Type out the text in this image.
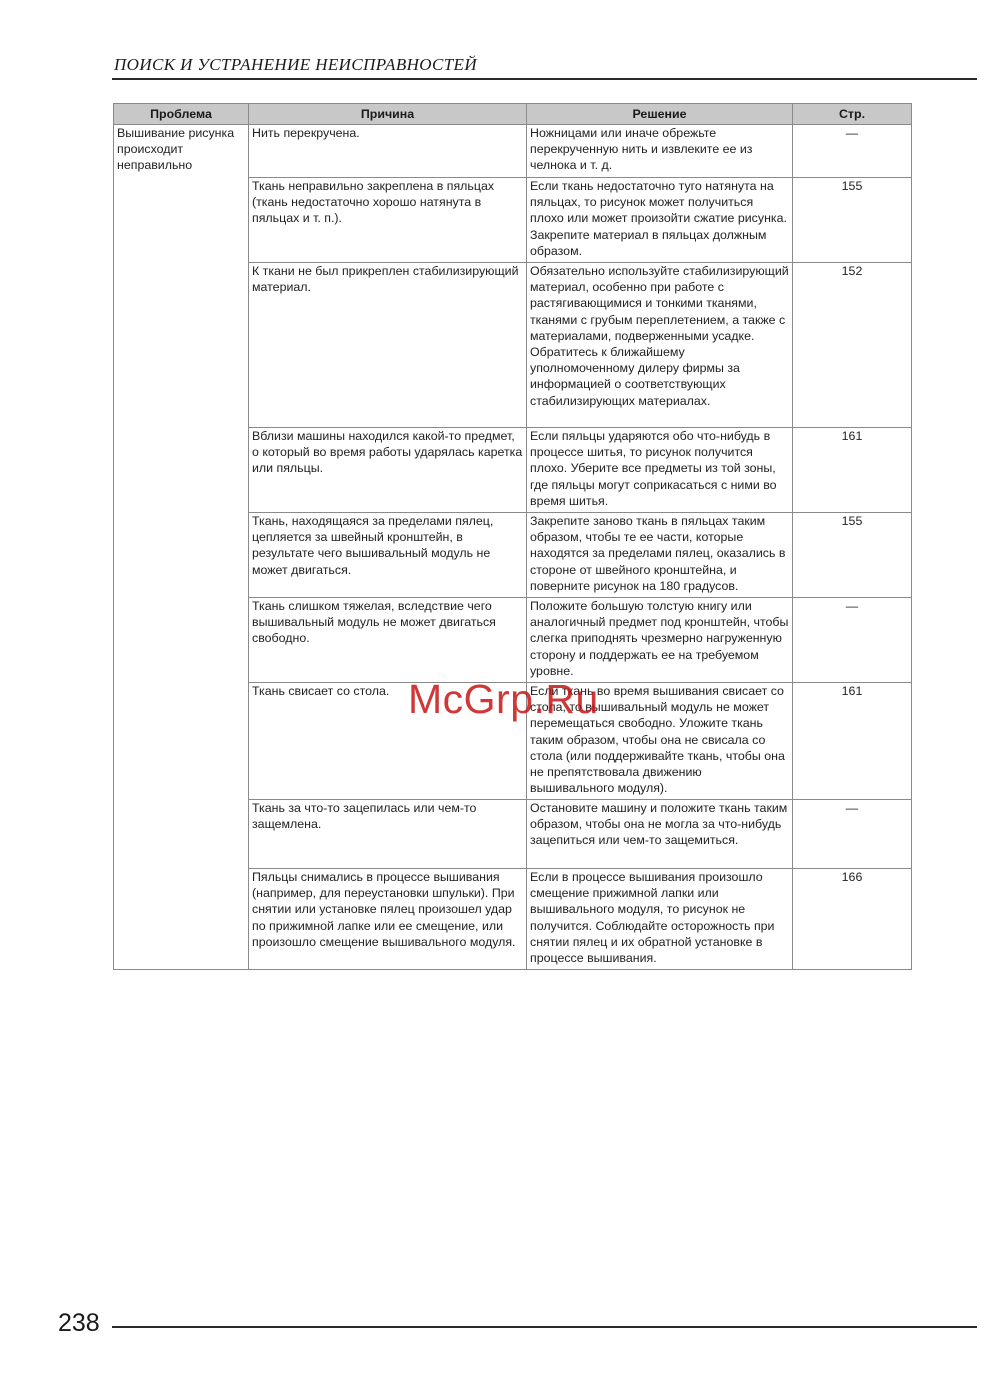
ПОИСК И УСТРАНЕНИЕ НЕИСПРАВНОСТЕЙ
Проблема	Причина	Решение	Стр.
Вышивание рисунка происходит неправильно	Нить перекручена.	Ножницами или иначе обрежьте перекрученную нить и извлеките ее из челнока и т. д.	—
	Ткань неправильно закреплена в пяльцах (ткань недостаточно хорошо натянута в пяльцах и т. п.).	Если ткань недостаточно туго натянута на пяльцах, то рисунок может получиться плохо или может произойти сжатие рисунка. Закрепите материал в пяльцах должным образом.	155
	К ткани не был прикреплен стабилизирующий материал.	Обязательно используйте стабилизирующий материал, особенно при работе с растягивающимися и тонкими тканями, тканями с грубым переплетением, а также с материалами, подверженными усадке. Обратитесь к ближайшему уполномоченному дилеру фирмы за информацией о соответствующих стабилизирующих материалах.	152
	Вблизи машины находился какой-то предмет, о который во время работы ударялась каретка или пяльцы.	Если пяльцы ударяются обо что-нибудь в процессе шитья, то рисунок получится плохо. Уберите все предметы из той зоны, где пяльцы могут соприкасаться с ними во время шитья.	161
	Ткань, находящаяся за пределами пялец, цепляется за швейный кронштейн, в результате чего вышивальный модуль не может двигаться.	Закрепите заново ткань в пяльцах таким образом, чтобы те ее части, которые находятся за пределами пялец, оказались в стороне от швейного кронштейна, и поверните рисунок на 180 градусов.	155
	Ткань слишком тяжелая, вследствие чего вышивальный модуль не может двигаться свободно.	Положите большую толстую книгу или аналогичный предмет под кронштейн, чтобы слегка приподнять чрезмерно нагруженную сторону и поддержать ее на требуемом уровне.	—
	Ткань свисает со стола.	Если ткань во время вышивания свисает со стола, то вышивальный модуль не может перемещаться свободно. Уложите ткань таким образом, чтобы она не свисала со стола (или поддерживайте ткань, чтобы она не препятствовала движению вышивального модуля).	161
	Ткань за что-то зацепилась или чем-то защемлена.	Остановите машину и положите ткань таким образом, чтобы она не могла за что-нибудь зацепиться или чем-то защемиться.	—
	Пяльцы снимались в процессе вышивания (например, для переустановки шпульки). При снятии или установке пялец произошел удар по прижимной лапке или ее смещение, или произошло смещение вышивального модуля.	Если в процессе вышивания произошло смещение прижимной лапки или вышивального модуля, то рисунок не получится. Соблюдайте осторожность при снятии пялец и их обратной установке в процессе вышивания.	166
McGrp.Ru
238
